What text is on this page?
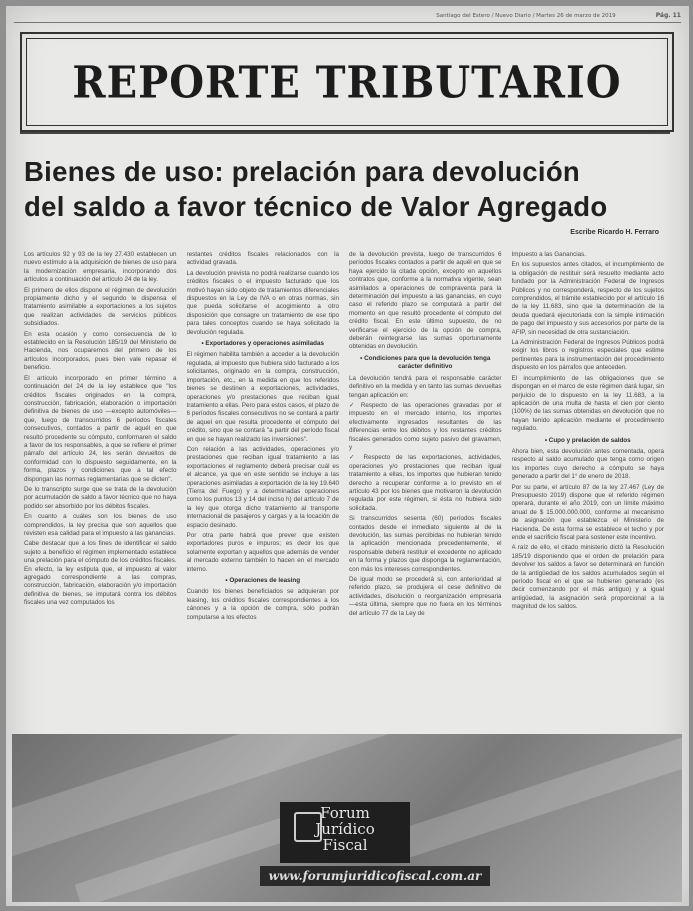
Santiago del Estero / Nuevo Diario / Martes 26 de marzo de 2019	Pág. 11
REPORTE TRIBUTARIO
Bienes de uso: prelación para devolución
del saldo a favor técnico de Valor Agregado
Escribe Ricardo H. Ferraro

Los artículos 92 y 93 de la ley 27.430 establecen un nuevo estímulo a la adquisición de bienes de uso para la modernización empresaria, incorporando dos artículos a continuación del artículo 24 de la ley.

El primero de ellos dispone el régimen de devolución propiamente dicho y el segundo le dispensa el tratamiento asimilable a exportaciones a los sujetos que realizan actividades de servicios públicos subsidiados.

En esta ocasión y como consecuencia de lo establecido en la Resolución 185/19 del Ministerio de Hacienda, nos ocuparemos del primero de los artículos incorporados, pues bien vale repasar el beneficio.

El artículo incorporado en primer término a continuación del 24 de la ley establece que "los créditos fiscales originados en la compra, construcción, fabricación, elaboración o importación definitiva de bienes de uso —excepto automóviles— que, luego de transcurridos 6 períodos fiscales consecutivos, contados a partir de aquél en que resultó procedente su cómputo, conformaren el saldo a favor de los responsables, a que se refiere el primer párrafo del artículo 24, les serán devueltos de conformidad con lo dispuesto seguidamente, en la forma, plazos y condiciones que a tal efecto dispongan las normas reglamentarias que se dicten".

De lo transcripto surge que se trata de la devolución por acumulación de saldo a favor técnico que no haya podido ser absorbido por los débitos fiscales.

En cuanto a cuáles son los bienes de uso comprendidos, la ley precisa que son aquellos que revisten esa calidad para el impuesto a las ganancias.

Cabe destacar que a los fines de identificar el saldo sujeto a beneficio el régimen implementado establece una prelación para el cómputo de los créditos fiscales. En efecto, la ley estipula que, el impuesto al valor agregado correspondiente a las compras, construcción, fabricación, elaboración y/o importación definitiva de bienes, se imputará contra los débitos fiscales una vez computados los

restantes créditos fiscales relacionados con la actividad gravada.

La devolución prevista no podrá realizarse cuando los créditos fiscales o el impuesto facturado que los motivó hayan sido objeto de tratamientos diferenciales dispuestos en la Ley de IVA o en otras normas, sin que pueda solicitarse el acogimiento a otro disposición que consagre un tratamiento de ese tipo para tales conceptos cuando se haya solicitado la devolución regulada.

• Exportadores y operaciones asimiladas

El régimen habilita también a acceder a la devolución regulada, al impuesto que hubiera sido facturado a los solicitantes, originado en la compra, construcción, importación, etc., en la medida en que los referidos bienes se destinen a exportaciones, actividades, operaciones y/o prestaciones que reciban igual tratamiento a ellas. Pero para estos casos, el plazo de 6 períodos fiscales consecutivos no se contará a partir de aquel en que resulta procedente el cómputo del crédito, sino que se contará "a partir del período fiscal en que se hayan realizado las inversiones".

Con relación a las actividades, operaciones y/o prestaciones que reciban igual tratamiento a las exportaciones el reglamento deberá precisar cuál es el alcance, ya que en este sentido se incluye a las operaciones asimiladas a exportación de la ley 19.640 (Tierra del Fuego) y a determinadas operaciones como los puntos 13 y 14 del inciso h) del artículo 7 de la ley que otorga dicho tratamiento al transporte internacional de pasajeros y cargas y a la locación de espacio desinado.

Por otra parte habrá que prever que existen exportadores puros e impuros; es decir los que solamente exportan y aquellos que además de vender al mercado externo también lo hacen en el mercado interno.

• Operaciones de leasing

Cuando los bienes beneficiados se adquieran por leasing, los créditos fiscales correspondientes a los cánones y a la opción de compra, sólo podrán computarse a los efectos

de la devolución prevista, luego de transcurridos 6 períodos fiscales contados a partir de aquél en que se haya ejercido la citada opción, excepto en aquellos contratos que, conforme a la normativa vigente, sean asimilados a operaciones de compraventa para la determinación del impuesto a las ganancias, en cuyo caso el referido plazo se computará a partir del momento en que resultó procedente el cómputo del crédito fiscal. En este último supuesto, de no verificarse el ejercicio de la opción de compra, deberán reintegrarse las sumas oportunamente obtenidas en devolución.

• Condiciones para que la devolución tenga carácter definitivo

La devolución tendrá para el responsable carácter definitivo en la medida y en tanto las sumas devueltas tengan aplicación en:

✓ Respecto de las operaciones gravadas por el impuesto en el mercado interno, los importes efectivamente ingresados resultantes de las diferencias entre los débitos y los restantes créditos fiscales generados como sujeto pasivo del gravamen, y

✓ Respecto de las exportaciones, actividades, operaciones y/o prestaciones que reciban igual tratamiento a ellas, los importes que hubieran tenido derecho a recuperar conforme a lo previsto en el artículo 43 por los bienes que motivaron la devolución regulada por este régimen, si ésta no hubiera sido solicitada.

Si transcurridos sesenta (60) períodos fiscales contados desde el inmediato siguiente al de la devolución, las sumas percibidas no hubieran tenido la aplicación mencionada precedentemente, el responsable deberá restituir el excedente no aplicado en la forma y plazos que disponga la reglamentación, con más los intereses correspondientes.

De igual modo se procederá si, con anterioridad al referido plazo, se produjera el cese definitivo de actividades, disolución o reorganización empresaria —esta última, siempre que no fuera en los términos del artículo 77 de la Ley de

Impuesto a las Ganancias.

En los supuestos antes citados, el incumplimiento de la obligación de restituir será resuelto mediante acto fundado por la Administración Federal de Ingresos Públicos y no corresponderá, respecto de los sujetos comprendidos, el trámite establecido por el artículo 16 de la ley 11.683, sino que la determinación de la deuda quedará ejecutoriada con la simple intimación de pago del impuesto y sus accesorios por parte de la AFIP, sin necesidad de otra sustanciación.

La Administración Federal de Ingresos Públicos podrá exigir los libros o registros especiales que estime pertinentes para la instrumentación del procedimiento dispuesto en los párrafos que anteceden.

El incumplimiento de las obligaciones que se dispongan en el marco de este régimen dará lugar, sin perjuicio de lo dispuesto en la ley 11.683, a la aplicación de una multa de hasta el cien por ciento (100%) de las sumas obtenidas en devolución que no hayan tenido aplicación mediante el procedimiento regulado.

• Cupo y prelación de saldos

Ahora bien, esta devolución antes comentada, opera respecto al saldo acumulado que tenga como origen los importes cuyo derecho a cómputo se haya generado a partir del 1° de enero de 2018.

Por su parte, el artículo 87 de la ley 27.467 (Ley de Presupuesto 2019) dispone que el referido régimen operará, durante el año 2019, con un límite máximo anual de $ 15.000.000.000, conforme al mecanismo de asignación que establezca el Ministerio de Hacienda. De esta forma se establece el techo y por ende el sacrificio fiscal para sostener este incentivo.

A raíz de ello, el citado ministerio dictó la Resolución 185/19 disponiendo que el orden de prelación para devolver los saldos a favor se determinará en función de la antigüedad de los saldos acumulados según el período fiscal en el que se hubieren generado (es decir comenzando por el más antiguo) y a igual antigüedad, la asignación será proporcional a la magnitud de los saldos.

Forum
Jurídico
Fiscal
www.forumjuridicofiscal.com.ar
